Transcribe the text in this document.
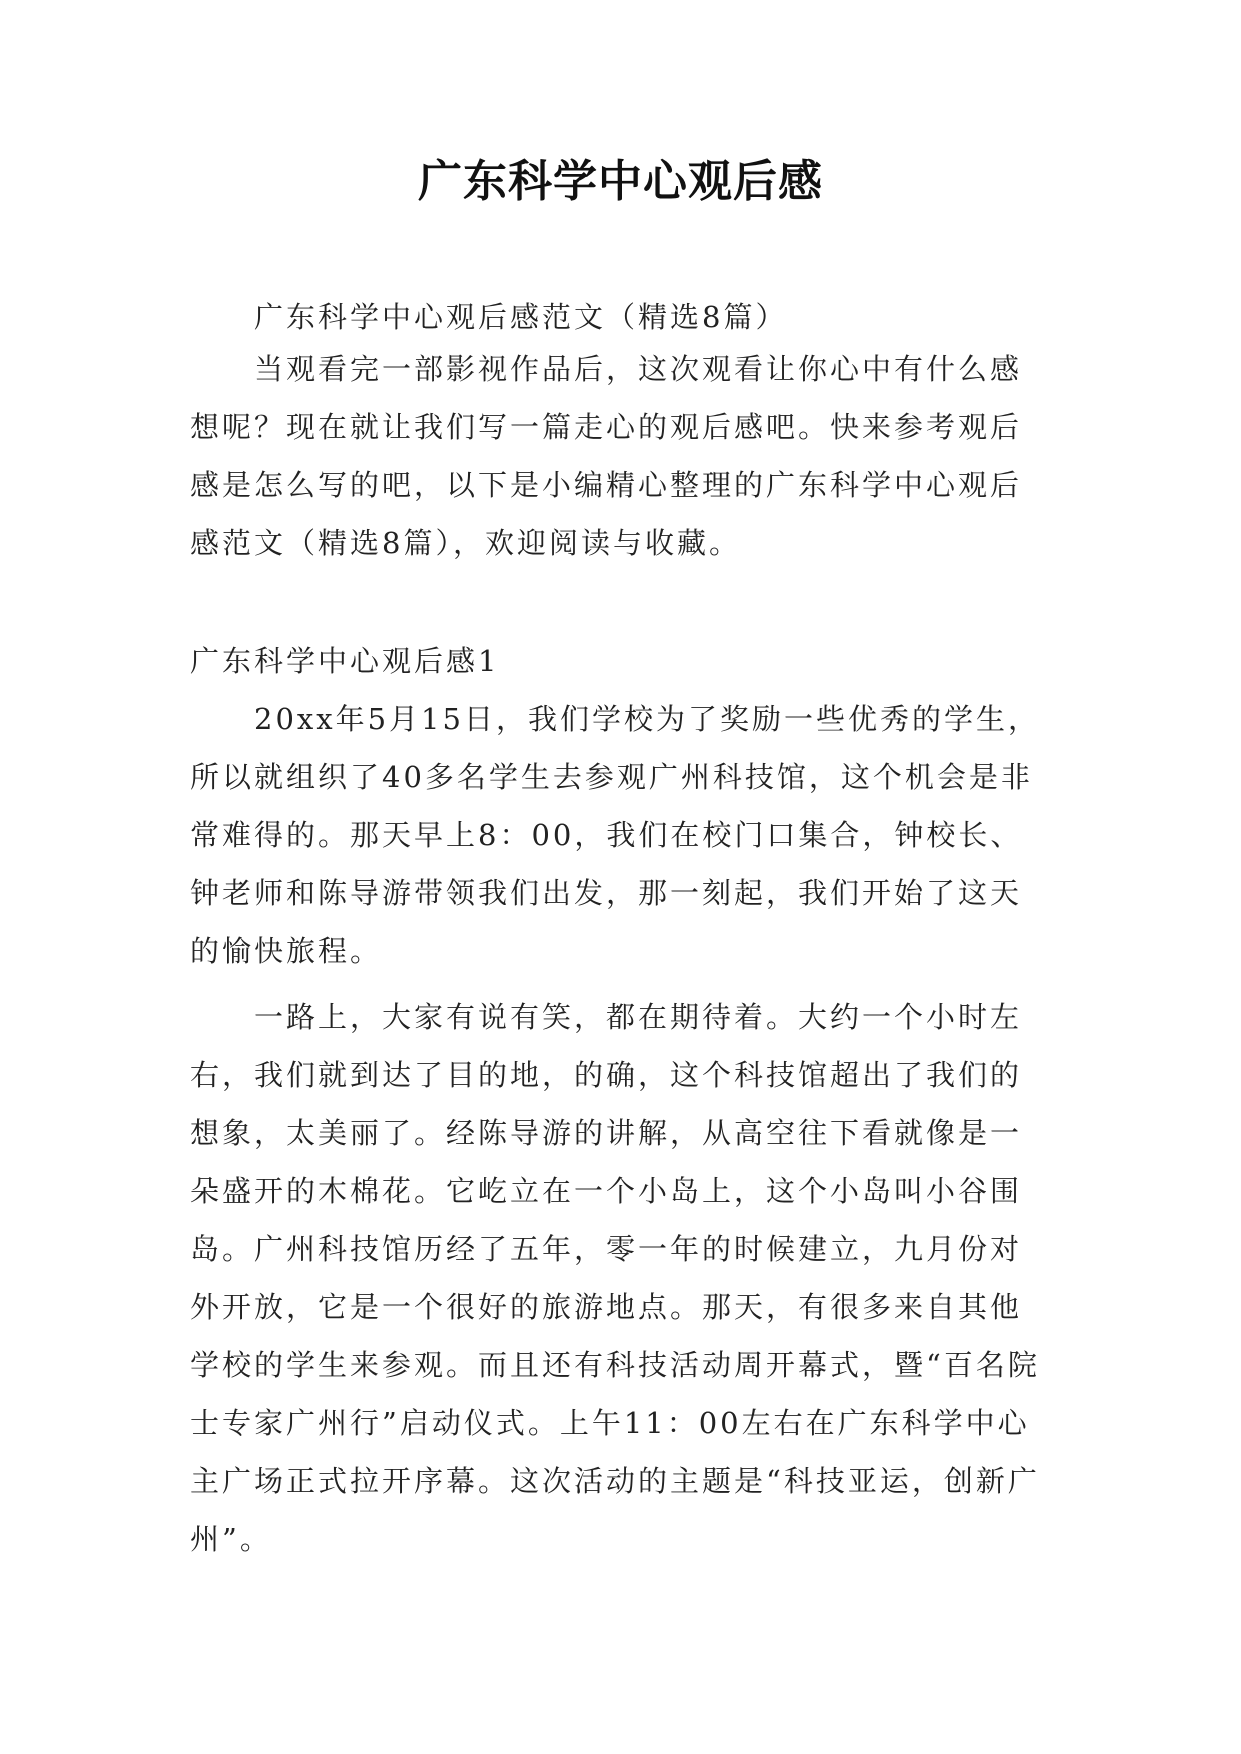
广东科学中心观后感
广东科学中心观后感范文（精选8篇）

当观看完一部影视作品后，这次观看让你心中有什么感想呢？现在就让我们写一篇走心的观后感吧。快来参考观后感是怎么写的吧，以下是小编精心整理的广东科学中心观后感范文（精选8篇），欢迎阅读与收藏。

广东科学中心观后感1

20xx年5月15日，我们学校为了奖励一些优秀的学生，所以就组织了40多名学生去参观广州科技馆，这个机会是非常难得的。那天早上8：00，我们在校门口集合，钟校长、钟老师和陈导游带领我们出发，那一刻起，我们开始了这天的愉快旅程。

一路上，大家有说有笑，都在期待着。大约一个小时左右，我们就到达了目的地，的确，这个科技馆超出了我们的想象，太美丽了。经陈导游的讲解，从高空往下看就像是一朵盛开的木棉花。它屹立在一个小岛上，这个小岛叫小谷围岛。广州科技馆历经了五年，零一年的时候建立，九月份对外开放，它是一个很好的旅游地点。那天，有很多来自其他学校的学生来参观。而且还有科技活动周开幕式，暨“百名院士专家广州行”启动仪式。上午11：00左右在广东科学中心主广场正式拉开序幕。这次活动的主题是“科技亚运，创新广州”。
